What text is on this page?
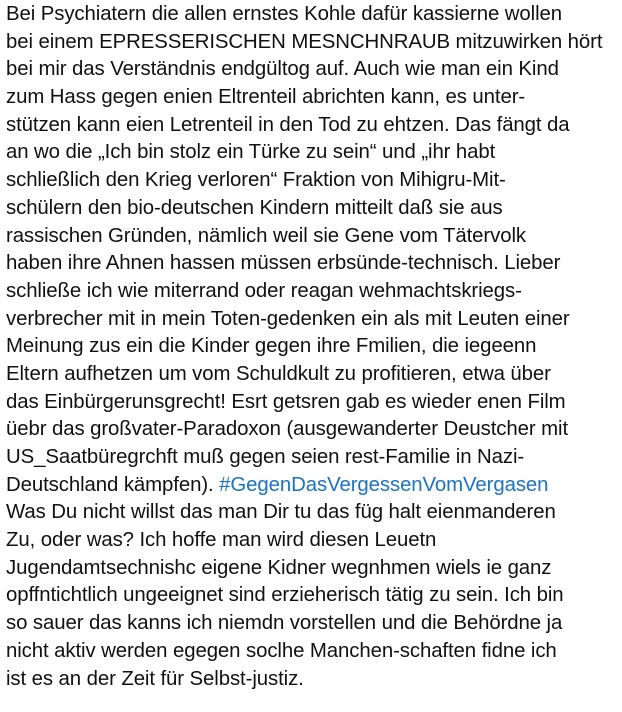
Bei Psychiatern die allen ernstes Kohle dafür kassierne wollen
bei einem EPRESSERISCHEN MESNCHNRAUB mitzuwirken hört
bei mir das Verständnis endgültog auf. Auch wie man ein Kind
zum Hass gegen enien Eltrenteil abrichten kann, es unter-
stützen kann eien Letrenteil in den Tod zu ehtzen. Das fängt da
an wo die „Ich bin stolz ein Türke zu sein“ und „ihr habt
schließlich den Krieg verloren“ Fraktion von Mihigru-Mit-
schülern den bio-deutschen Kindern mitteilt daß sie aus
rassischen Gründen, nämlich weil sie Gene vom Tätervolk
haben ihre Ahnen hassen müssen erbsünde-technisch. Lieber
schließe ich wie miterrand oder reagan wehmachtskriegs-
verbrecher mit in mein Toten-gedenken ein als mit Leuten einer
Meinung zus ein die Kinder gegen ihre Fmilien, die iegeenn
Eltern aufhetzen um vom Schuldkult zu profitieren, etwa über
das Einbürgerunsgrecht! Esrt getsren gab es wieder enen Film
üebr das großvater-Paradoxon (ausgewanderter Deustcher mit
US_Saatbüregrchft muß gegen seien rest-Familie in Nazi-
Deutschland kämpfen). #GegenDasVergessenVomVergasen
Was Du nicht willst das man Dir tu das füg halt eienmanderen
Zu, oder was? Ich hoffe man wird diesen Leuetn
Jugendamtsechnishc eigene Kidner wegnhmen wiels ie ganz
opffntichtlich ungeeignet sind erzieherisch tätig zu sein. Ich bin
so sauer das kanns ich niemdn vorstellen und die Behördne ja
nicht aktiv werden egegen soclhe Manchen-schaften fidne ich
ist es an der Zeit für Selbst-justiz.
